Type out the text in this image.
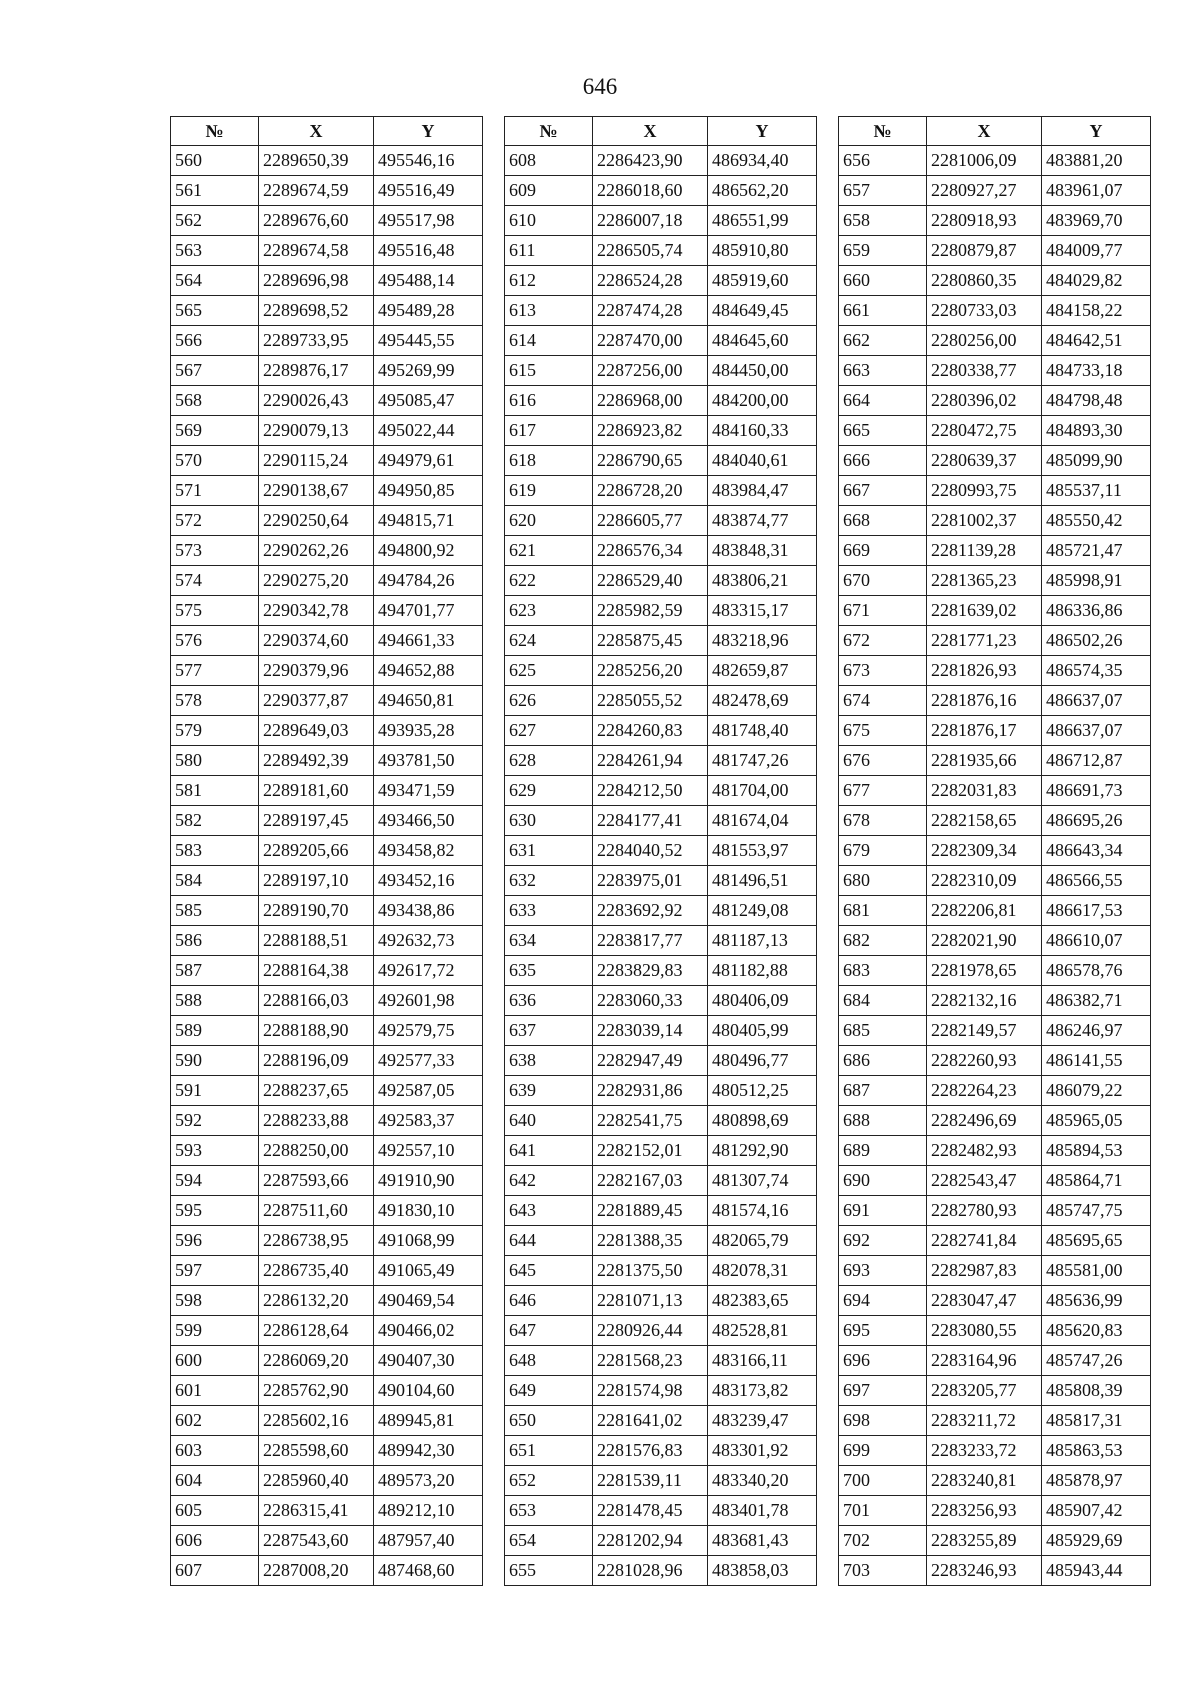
646
№	X	Y
560	2289650,39	495546,16
561	2289674,59	495516,49
562	2289676,60	495517,98
563	2289674,58	495516,48
564	2289696,98	495488,14
565	2289698,52	495489,28
566	2289733,95	495445,55
567	2289876,17	495269,99
568	2290026,43	495085,47
569	2290079,13	495022,44
570	2290115,24	494979,61
571	2290138,67	494950,85
572	2290250,64	494815,71
573	2290262,26	494800,92
574	2290275,20	494784,26
575	2290342,78	494701,77
576	2290374,60	494661,33
577	2290379,96	494652,88
578	2290377,87	494650,81
579	2289649,03	493935,28
580	2289492,39	493781,50
581	2289181,60	493471,59
582	2289197,45	493466,50
583	2289205,66	493458,82
584	2289197,10	493452,16
585	2289190,70	493438,86
586	2288188,51	492632,73
587	2288164,38	492617,72
588	2288166,03	492601,98
589	2288188,90	492579,75
590	2288196,09	492577,33
591	2288237,65	492587,05
592	2288233,88	492583,37
593	2288250,00	492557,10
594	2287593,66	491910,90
595	2287511,60	491830,10
596	2286738,95	491068,99
597	2286735,40	491065,49
598	2286132,20	490469,54
599	2286128,64	490466,02
600	2286069,20	490407,30
601	2285762,90	490104,60
602	2285602,16	489945,81
603	2285598,60	489942,30
604	2285960,40	489573,20
605	2286315,41	489212,10
606	2287543,60	487957,40
607	2287008,20	487468,60
№	X	Y
608	2286423,90	486934,40
609	2286018,60	486562,20
610	2286007,18	486551,99
611	2286505,74	485910,80
612	2286524,28	485919,60
613	2287474,28	484649,45
614	2287470,00	484645,60
615	2287256,00	484450,00
616	2286968,00	484200,00
617	2286923,82	484160,33
618	2286790,65	484040,61
619	2286728,20	483984,47
620	2286605,77	483874,77
621	2286576,34	483848,31
622	2286529,40	483806,21
623	2285982,59	483315,17
624	2285875,45	483218,96
625	2285256,20	482659,87
626	2285055,52	482478,69
627	2284260,83	481748,40
628	2284261,94	481747,26
629	2284212,50	481704,00
630	2284177,41	481674,04
631	2284040,52	481553,97
632	2283975,01	481496,51
633	2283692,92	481249,08
634	2283817,77	481187,13
635	2283829,83	481182,88
636	2283060,33	480406,09
637	2283039,14	480405,99
638	2282947,49	480496,77
639	2282931,86	480512,25
640	2282541,75	480898,69
641	2282152,01	481292,90
642	2282167,03	481307,74
643	2281889,45	481574,16
644	2281388,35	482065,79
645	2281375,50	482078,31
646	2281071,13	482383,65
647	2280926,44	482528,81
648	2281568,23	483166,11
649	2281574,98	483173,82
650	2281641,02	483239,47
651	2281576,83	483301,92
652	2281539,11	483340,20
653	2281478,45	483401,78
654	2281202,94	483681,43
655	2281028,96	483858,03
№	X	Y
656	2281006,09	483881,20
657	2280927,27	483961,07
658	2280918,93	483969,70
659	2280879,87	484009,77
660	2280860,35	484029,82
661	2280733,03	484158,22
662	2280256,00	484642,51
663	2280338,77	484733,18
664	2280396,02	484798,48
665	2280472,75	484893,30
666	2280639,37	485099,90
667	2280993,75	485537,11
668	2281002,37	485550,42
669	2281139,28	485721,47
670	2281365,23	485998,91
671	2281639,02	486336,86
672	2281771,23	486502,26
673	2281826,93	486574,35
674	2281876,16	486637,07
675	2281876,17	486637,07
676	2281935,66	486712,87
677	2282031,83	486691,73
678	2282158,65	486695,26
679	2282309,34	486643,34
680	2282310,09	486566,55
681	2282206,81	486617,53
682	2282021,90	486610,07
683	2281978,65	486578,76
684	2282132,16	486382,71
685	2282149,57	486246,97
686	2282260,93	486141,55
687	2282264,23	486079,22
688	2282496,69	485965,05
689	2282482,93	485894,53
690	2282543,47	485864,71
691	2282780,93	485747,75
692	2282741,84	485695,65
693	2282987,83	485581,00
694	2283047,47	485636,99
695	2283080,55	485620,83
696	2283164,96	485747,26
697	2283205,77	485808,39
698	2283211,72	485817,31
699	2283233,72	485863,53
700	2283240,81	485878,97
701	2283256,93	485907,42
702	2283255,89	485929,69
703	2283246,93	485943,44
